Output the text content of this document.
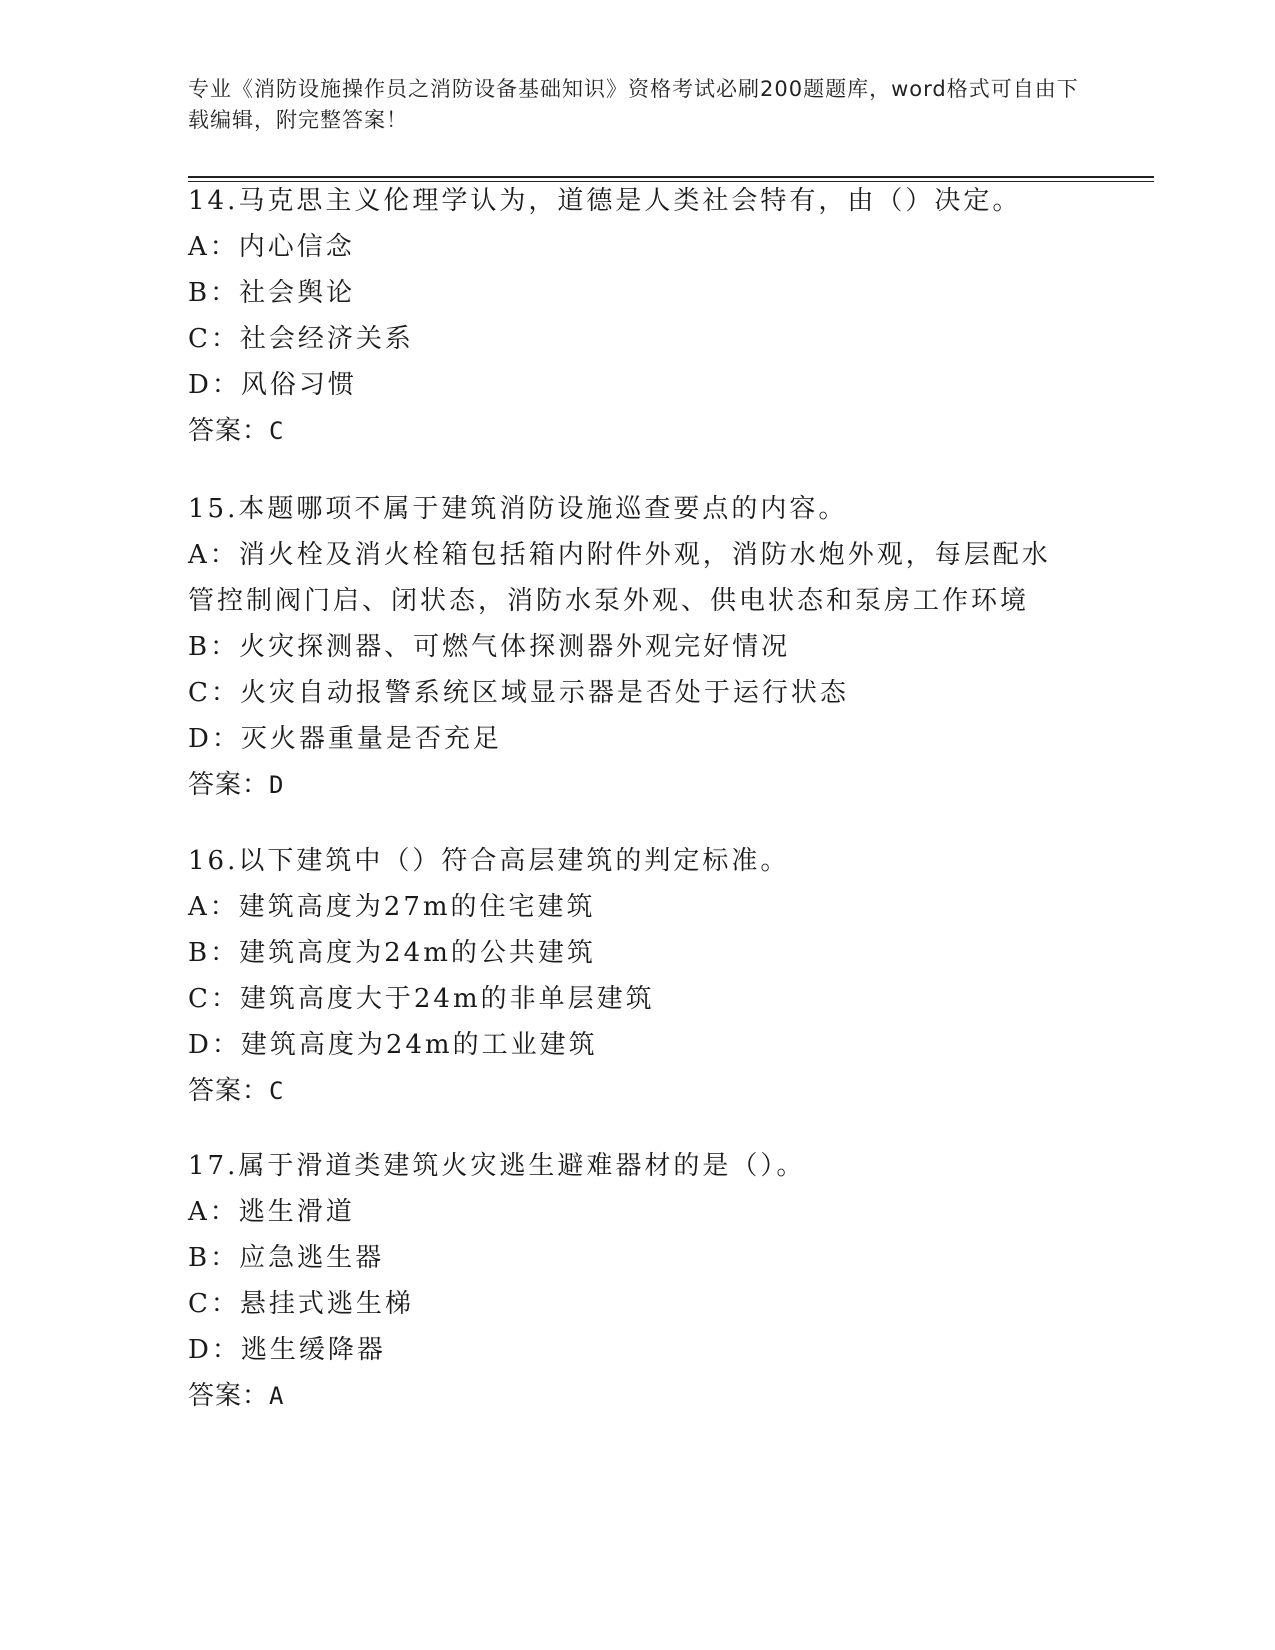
专业《消防设施操作员之消防设备基础知识》资格考试必刷200题题库，word格式可自由下载编辑，附完整答案！
14.马克思主义伦理学认为，道德是人类社会特有，由（）决定。
A：内心信念
B：社会舆论
C：社会经济关系
D：风俗习惯
答案：C
15.本题哪项不属于建筑消防设施巡查要点的内容。
A：消火栓及消火栓箱包括箱内附件外观，消防水炮外观，每层配水管控制阀门启、闭状态，消防水泵外观、供电状态和泵房工作环境
B：火灾探测器、可燃气体探测器外观完好情况
C：火灾自动报警系统区域显示器是否处于运行状态
D：灭火器重量是否充足
答案：D
16.以下建筑中（）符合高层建筑的判定标准。
A：建筑高度为27m的住宅建筑
B：建筑高度为24m的公共建筑
C：建筑高度大于24m的非单层建筑
D：建筑高度为24m的工业建筑
答案：C
17.属于滑道类建筑火灾逃生避难器材的是（）。
A：逃生滑道
B：应急逃生器
C：悬挂式逃生梯
D：逃生缓降器
答案：A
